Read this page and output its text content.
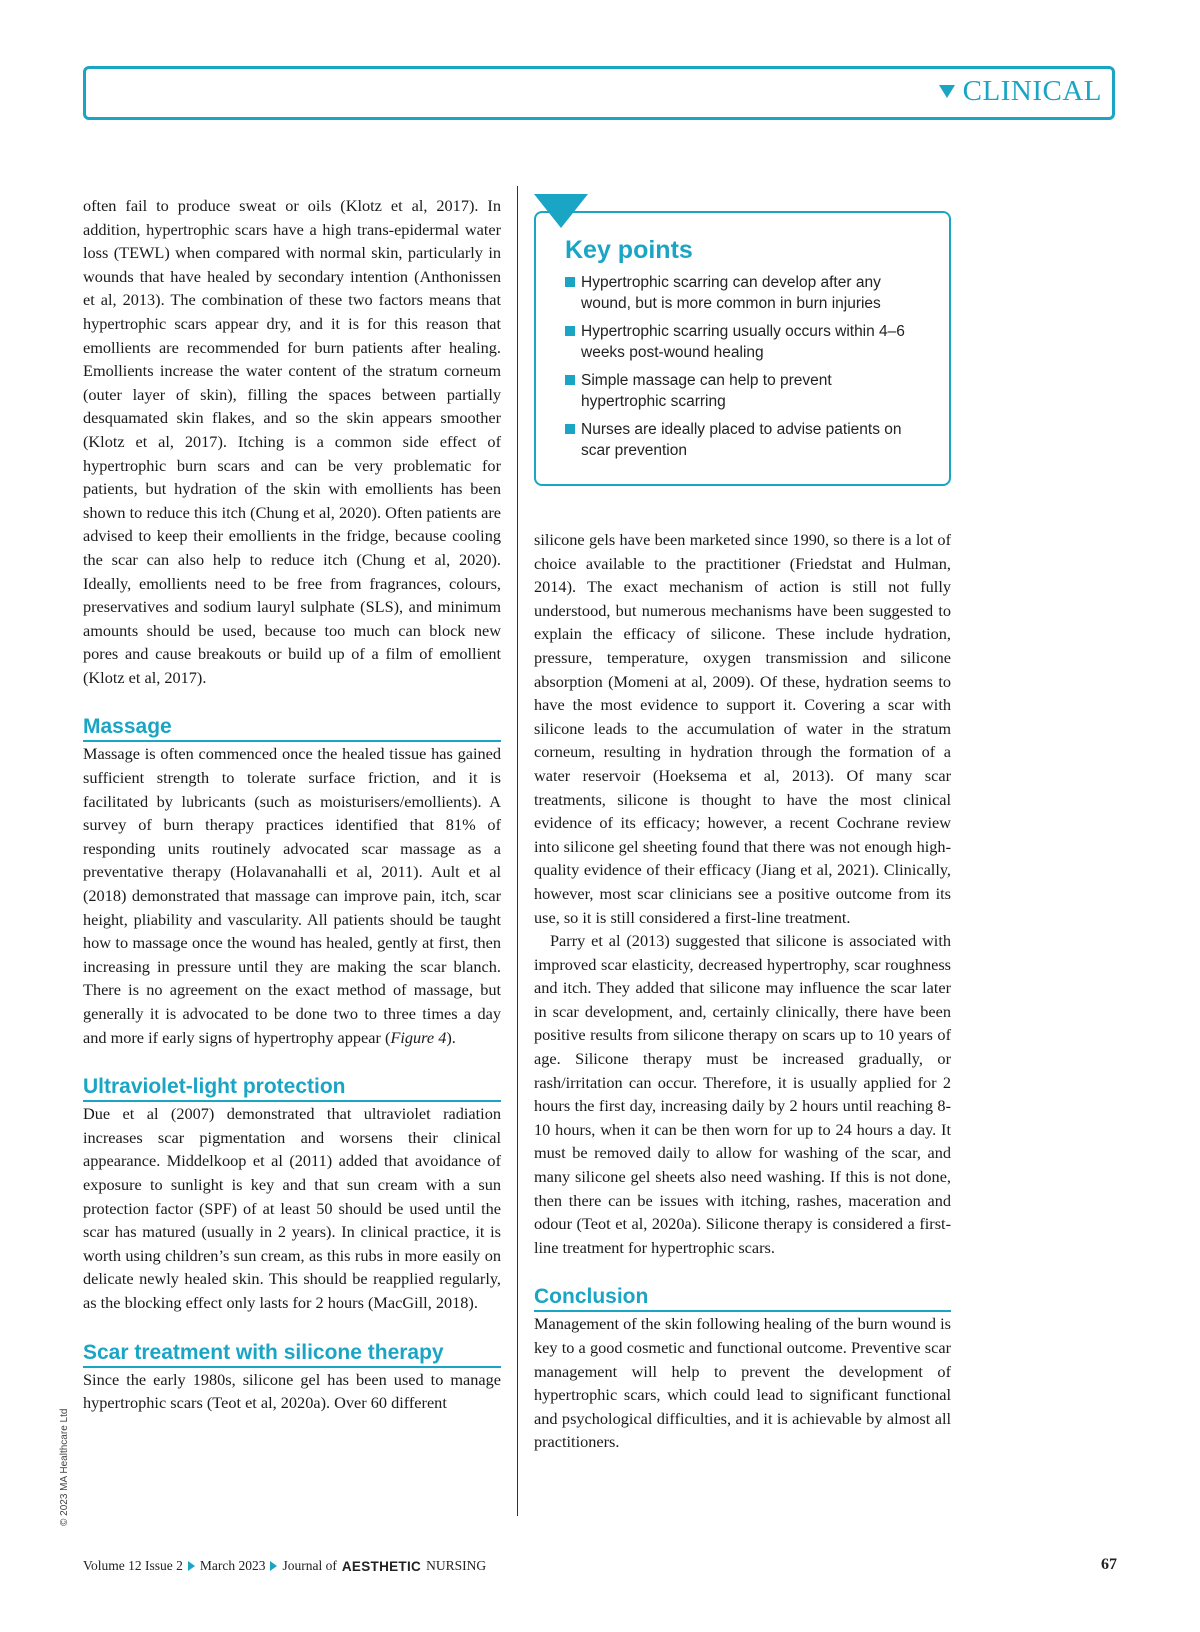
CLINICAL

often fail to produce sweat or oils (Klotz et al, 2017). In addition, hypertrophic scars have a high trans-epidermal water loss (TEWL) when compared with normal skin, particularly in wounds that have healed by secondary intention (Anthonissen et al, 2013). The combination of these two factors means that hypertrophic scars appear dry, and it is for this reason that emollients are recommended for burn patients after healing. Emollients increase the water content of the stratum corneum (outer layer of skin), filling the spaces between partially desquamated skin flakes, and so the skin appears smoother (Klotz et al, 2017). Itching is a common side effect of hypertrophic burn scars and can be very problematic for patients, but hydration of the skin with emollients has been shown to reduce this itch (Chung et al, 2020). Often patients are advised to keep their emollients in the fridge, because cooling the scar can also help to reduce itch (Chung et al, 2020). Ideally, emollients need to be free from fragrances, colours, preservatives and sodium lauryl sulphate (SLS), and minimum amounts should be used, because too much can block new pores and cause breakouts or build up of a film of emollient (Klotz et al, 2017).

Massage

Massage is often commenced once the healed tissue has gained sufficient strength to tolerate surface friction, and it is facilitated by lubricants (such as moisturisers/emollients). A survey of burn therapy practices identified that 81% of responding units routinely advocated scar massage as a preventative therapy (Holavanahalli et al, 2011). Ault et al (2018) demonstrated that massage can improve pain, itch, scar height, pliability and vascularity. All patients should be taught how to massage once the wound has healed, gently at first, then increasing in pressure until they are making the scar blanch. There is no agreement on the exact method of massage, but generally it is advocated to be done two to three times a day and more if early signs of hypertrophy appear (Figure 4).

Ultraviolet-light protection

Due et al (2007) demonstrated that ultraviolet radiation increases scar pigmentation and worsens their clinical appearance. Middelkoop et al (2011) added that avoidance of exposure to sunlight is key and that sun cream with a sun protection factor (SPF) of at least 50 should be used until the scar has matured (usually in 2 years). In clinical practice, it is worth using children’s sun cream, as this rubs in more easily on delicate newly healed skin. This should be reapplied regularly, as the blocking effect only lasts for 2 hours (MacGill, 2018).

Scar treatment with silicone therapy

Since the early 1980s, silicone gel has been used to manage hypertrophic scars (Teot et al, 2020a). Over 60 different

Key points
Hypertrophic scarring can develop after any wound, but is more common in burn injuries
Hypertrophic scarring usually occurs within 4–6 weeks post-wound healing
Simple massage can help to prevent hypertrophic scarring
Nurses are ideally placed to advise patients on scar prevention

silicone gels have been marketed since 1990, so there is a lot of choice available to the practitioner (Friedstat and Hulman, 2014). The exact mechanism of action is still not fully understood, but numerous mechanisms have been suggested to explain the efficacy of silicone. These include hydration, pressure, temperature, oxygen transmission and silicone absorption (Momeni at al, 2009). Of these, hydration seems to have the most evidence to support it. Covering a scar with silicone leads to the accumulation of water in the stratum corneum, resulting in hydration through the formation of a water reservoir (Hoeksema et al, 2013). Of many scar treatments, silicone is thought to have the most clinical evidence of its efficacy; however, a recent Cochrane review into silicone gel sheeting found that there was not enough high-quality evidence of their efficacy (Jiang et al, 2021). Clinically, however, most scar clinicians see a positive outcome from its use, so it is still considered a first-line treatment.

Parry et al (2013) suggested that silicone is associated with improved scar elasticity, decreased hypertrophy, scar roughness and itch. They added that silicone may influence the scar later in scar development, and, certainly clinically, there have been positive results from silicone therapy on scars up to 10 years of age. Silicone therapy must be increased gradually, or rash/irritation can occur. Therefore, it is usually applied for 2 hours the first day, increasing daily by 2 hours until reaching 8-10 hours, when it can be then worn for up to 24 hours a day. It must be removed daily to allow for washing of the scar, and many silicone gel sheets also need washing. If this is not done, then there can be issues with itching, rashes, maceration and odour (Teot et al, 2020a). Silicone therapy is considered a first-line treatment for hypertrophic scars.

Conclusion

Management of the skin following healing of the burn wound is key to a good cosmetic and functional outcome. Preventive scar management will help to prevent the development of hypertrophic scars, which could lead to significant functional and psychological difficulties, and it is achievable by almost all practitioners.

© 2023 MA Healthcare Ltd
Volume 12 Issue 2 March 2023 Journal of AESTHETIC NURSING	67
